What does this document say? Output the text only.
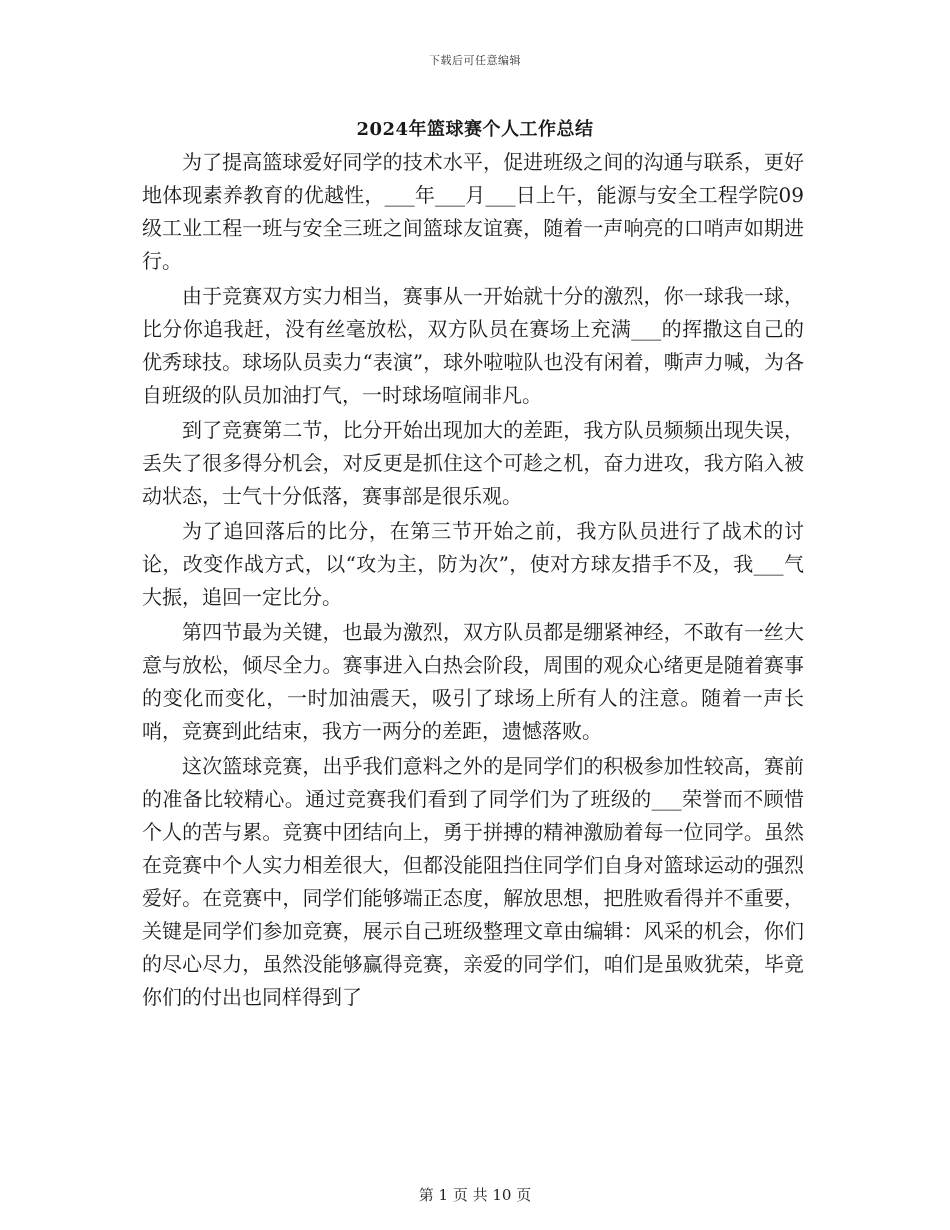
下载后可任意编辑
2024年篮球赛个人工作总结

为了提高篮球爱好同学的技术水平，促进班级之间的沟通与联系，更好地体现素养教育的优越性，___年___月___日上午，能源与安全工程学院09级工业工程一班与安全三班之间篮球友谊赛，随着一声响亮的口哨声如期进行。

由于竞赛双方实力相当，赛事从一开始就十分的激烈，你一球我一球，比分你追我赶，没有丝毫放松，双方队员在赛场上充满___的挥撒这自己的优秀球技。球场队员卖力“表演”，球外啦啦队也没有闲着，嘶声力喊，为各自班级的队员加油打气，一时球场喧闹非凡。

到了竞赛第二节，比分开始出现加大的差距，我方队员频频出现失误，丢失了很多得分机会，对反更是抓住这个可趁之机，奋力进攻，我方陷入被动状态，士气十分低落，赛事部是很乐观。

为了追回落后的比分，在第三节开始之前，我方队员进行了战术的讨论，改变作战方式，以“攻为主，防为次”，使对方球友措手不及，我___气大振，追回一定比分。

第四节最为关键，也最为激烈，双方队员都是绷紧神经，不敢有一丝大意与放松，倾尽全力。赛事进入白热会阶段，周围的观众心绪更是随着赛事的变化而变化，一时加油震天，吸引了球场上所有人的注意。随着一声长哨，竞赛到此结束，我方一两分的差距，遗憾落败。

这次篮球竞赛，出乎我们意料之外的是同学们的积极参加性较高，赛前的准备比较精心。通过竞赛我们看到了同学们为了班级的___荣誉而不顾惜个人的苦与累。竞赛中团结向上，勇于拼搏的精神激励着每一位同学。虽然在竞赛中个人实力相差很大，但都没能阻挡住同学们自身对篮球运动的强烈爱好。在竞赛中，同学们能够端正态度，解放思想，把胜败看得并不重要，关键是同学们参加竞赛，展示自己班级整理文章由编辑：风采的机会，你们的尽心尽力，虽然没能够赢得竞赛，亲爱的同学们，咱们是虽败犹荣，毕竟你们的付出也同样得到了

第 1 页 共 10 页
